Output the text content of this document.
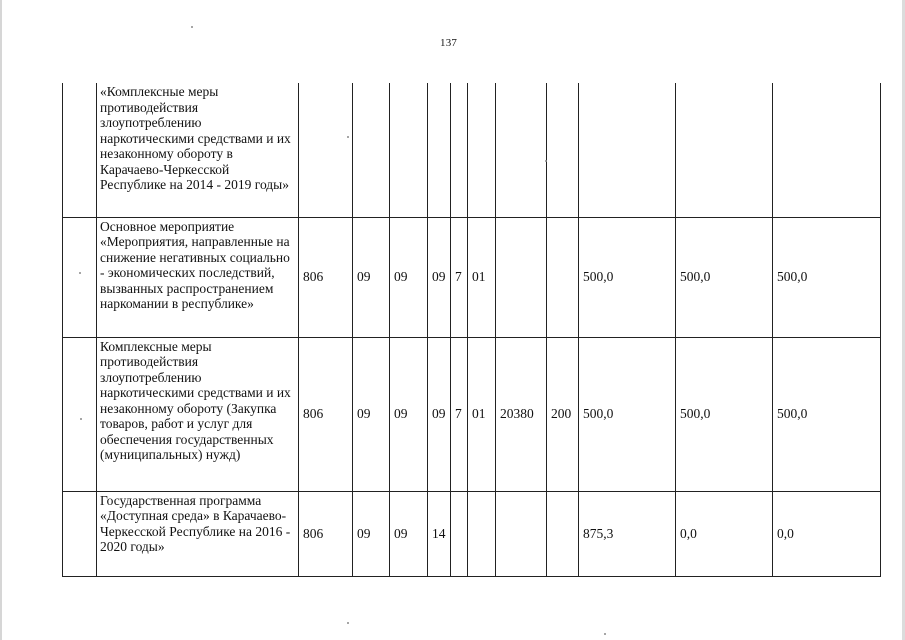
137
	«Комплексные меры противодействия злоупотреблению наркотическими средствами и их незаконному обороту в Карачаево-Черкесской Республике на 2014 - 2019 годы»											
	Основное мероприятие «Мероприятия, направленные на снижение негативных социально - экономических последствий, вызванных распространением наркомании в республике»	806	09	09	09	7	01			500,0	500,0	500,0
	Комплексные меры противодействия злоупотреблению наркотическими средствами и их незаконному обороту (Закупка товаров, работ и услуг для обеспечения государственных (муниципальных) нужд)	806	09	09	09	7	01	20380	200	500,0	500,0	500,0
	Государственная программа «Доступная среда» в Карачаево-Черкесской Республике на 2016 - 2020 годы»	806	09	09	14					875,3	0,0	0,0
